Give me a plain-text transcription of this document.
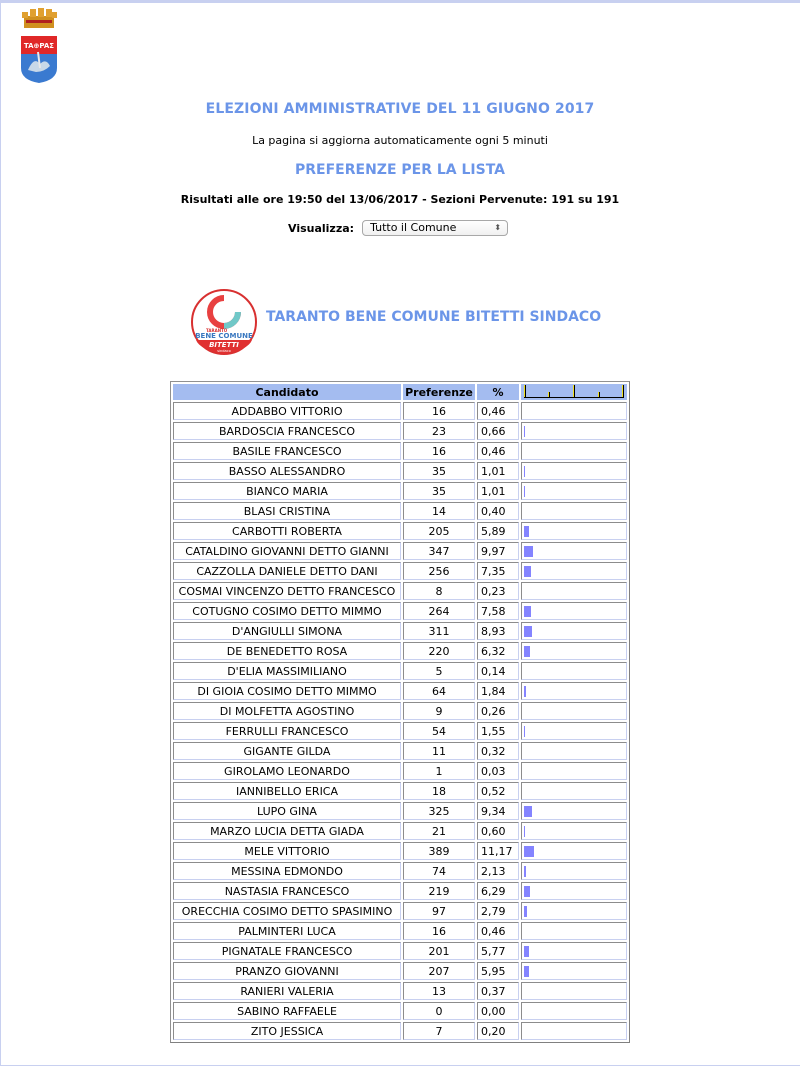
TA⊕PAΣ
ELEZIONI AMMINISTRATIVE DEL 11 GIUGNO 2017
La pagina si aggiorna automaticamente ogni 5 minuti
PREFERENZE PER LA LISTA
Risultati alle ore 19:50 del 13/06/2017 - Sezioni Pervenute: 191 su 191
Visualizza:	Tutto il Comune	⬍
TARANTO
BENE COMUNE
BITETTI
sindaco
TARANTO BENE COMUNE BITETTI SINDACO
Candidato	Preferenze	%	

ADDABBO VITTORIO	16	0,46	
BARDOSCIA FRANCESCO	23	0,66	

BASILE FRANCESCO	16	0,46	
BASSO ALESSANDRO	35	1,01	

BIANCO MARIA	35	1,01	

BLASI CRISTINA	14	0,40	
CARBOTTI ROBERTA	205	5,89	

CATALDINO GIOVANNI DETTO GIANNI	347	9,97	

CAZZOLLA DANIELE DETTO DANI	256	7,35	

COSMAI VINCENZO DETTO FRANCESCO	8	0,23	
COTUGNO COSIMO DETTO MIMMO	264	7,58	

D'ANGIULLI SIMONA	311	8,93	

DE BENEDETTO ROSA	220	6,32	

D'ELIA MASSIMILIANO	5	0,14	
DI GIOIA COSIMO DETTO MIMMO	64	1,84	

DI MOLFETTA AGOSTINO	9	0,26	
FERRULLI FRANCESCO	54	1,55	

GIGANTE GILDA	11	0,32	
GIROLAMO LEONARDO	1	0,03	
IANNIBELLO ERICA	18	0,52	
LUPO GINA	325	9,34	

MARZO LUCIA DETTA GIADA	21	0,60	

MELE VITTORIO	389	11,17	

MESSINA EDMONDO	74	2,13	

NASTASIA FRANCESCO	219	6,29	

ORECCHIA COSIMO DETTO SPASIMINO	97	2,79	

PALMINTERI LUCA	16	0,46	
PIGNATALE FRANCESCO	201	5,77	

PRANZO GIOVANNI	207	5,95	

RANIERI VALERIA	13	0,37	
SABINO RAFFAELE	0	0,00	
ZITO JESSICA	7	0,20	
